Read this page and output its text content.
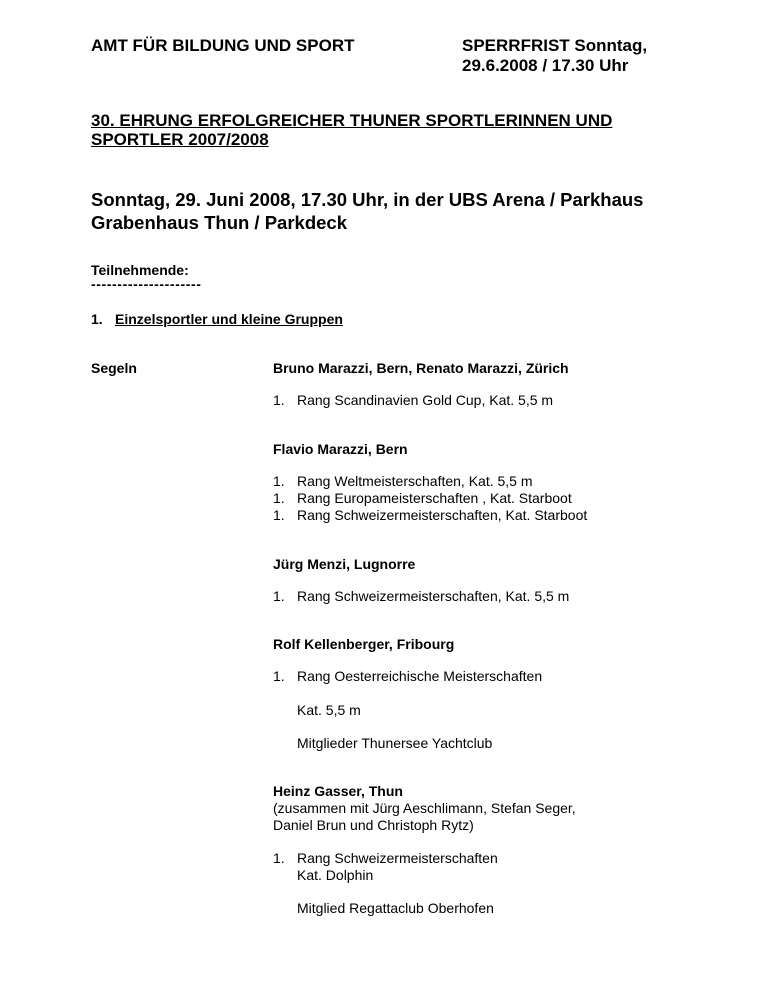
AMT FÜR BILDUNG UND SPORT	SPERRFRIST Sonntag,
29.6.2008 / 17.30 Uhr
30. EHRUNG ERFOLGREICHER THUNER SPORTLERINNEN UND
SPORTLER 2007/2008
Sonntag, 29. Juni 2008, 17.30 Uhr, in der UBS Arena / Parkhaus
Grabenhaus Thun / Parkdeck
Teilnehmende:
---------------------
1. Einzelsportler und kleine Gruppen
Segeln	Bruno Marazzi, Bern, Renato Marazzi, Zürich
1. Rang Scandinavien Gold Cup, Kat. 5,5 m
Flavio Marazzi, Bern
1. Rang Weltmeisterschaften, Kat. 5,5 m
1. Rang Europameisterschaften , Kat. Starboot
1. Rang Schweizermeisterschaften, Kat. Starboot
Jürg Menzi, Lugnorre
1. Rang Schweizermeisterschaften, Kat. 5,5 m
Rolf Kellenberger, Fribourg
1. Rang Oesterreichische Meisterschaften
Kat. 5,5 m
Mitglieder Thunersee Yachtclub
Heinz Gasser, Thun
(zusammen mit Jürg Aeschlimann, Stefan Seger,
Daniel Brun und Christoph Rytz)
1. Rang Schweizermeisterschaften
Kat. Dolphin
Mitglied Regattaclub Oberhofen
